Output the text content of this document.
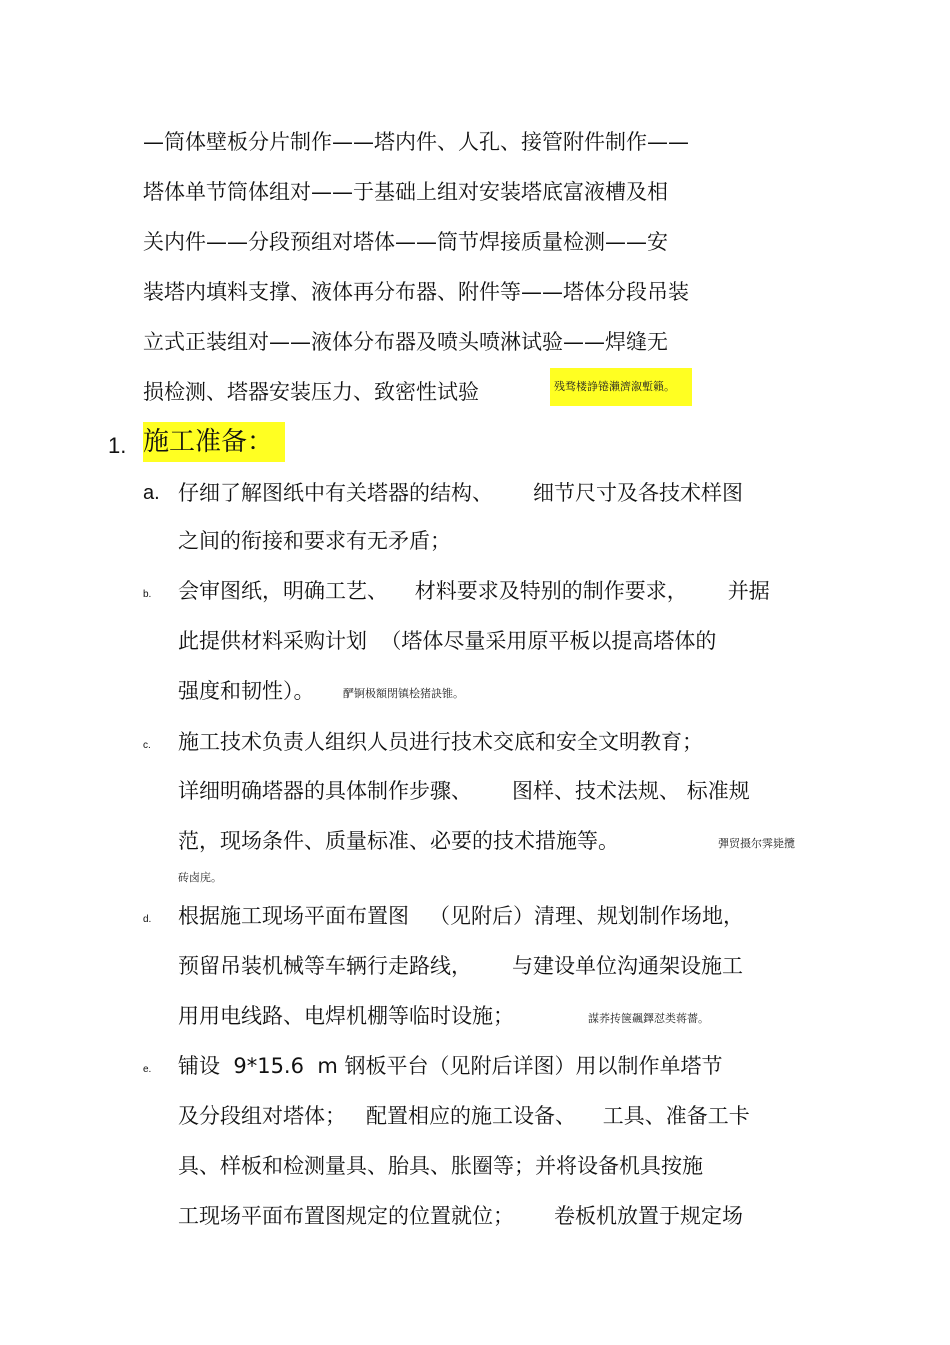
—筒体壁板分片制作——塔内件、人孔、接管附件制作——
塔体单节筒体组对——于基础上组对安装塔底富液槽及相
关内件——分段预组对塔体——筒节焊接质量检测——安
装塔内填料支撑、液体再分布器、附件等——塔体分段吊装
立式正装组对——液体分布器及喷头喷淋试验——焊缝无
损检测、塔器安装压力、致密性试验	残骛楼諍锩瀨濟溆塹籟。
1. 施工准备：
a. 仔细了解图纸中有关塔器的结构、      细节尺寸及各技术样图
之间的衔接和要求有无矛盾；
b. 会审图纸，明确工艺、    材料要求及特别的制作要求，      并据
此提供材料采购计划  （塔体尽量采用原平板以提高塔体的
强度和韧性）。	酽锕极額閉镇桧猪訣锥。
c. 施工技术负责人组织人员进行技术交底和安全文明教育；
详细明确塔器的具体制作步骤、      图样、技术法规、 标准规
范，现场条件、质量标准、必要的技术措施等。	彈贸摄尔霁毙攬
砖卤庑。
d. 根据施工现场平面布置图   （见附后）清理、规划制作场地，
预留吊装机械等车辆行走路线，      与建设单位沟通架设施工
用用电线路、电焊机棚等临时设施；	謀荞抟箧飆鐸怼类蒋薔。
e. 铺设  9*15.6  m 钢板平台（见附后详图）用以制作单塔节
及分段组对塔体；   配置相应的施工设备、    工具、准备工卡
具、样板和检测量具、胎具、胀圈等；并将设备机具按施
工现场平面布置图规定的位置就位；      卷板机放置于规定场
